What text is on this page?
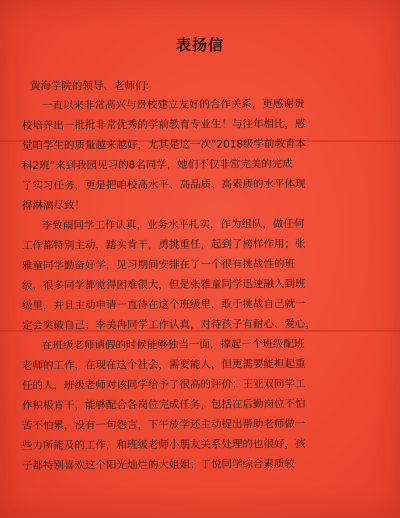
表扬信
黄海学院的领导、老师们:
一直以来非常高兴与贵校建立友好的合作关系，更感谢贵
校培养出一批批非常优秀的学前教育专业生！与往年相比，感
觉咱学生的质量越来越好，尤其是这一次“2018级学前教育本
科2班”来到我园见习的8名同学，她们不仅非常完美的完成
了实习任务，更是把咱校高水平、高品质、高素质的水平体现
得淋漓尽致！
李致雨同学工作认真，业务水平扎实，作为组队，做任何
工作都特别主动，踏实肯干，勇挑重任，起到了榜样作用；张
雅童同学勤奋好学，见习期间安排在了一个很有挑战性的班
级，很多同学都觉得困难很大，但是张雅童同学迅速融入到班
级里，并且主动申请一直待在这个班级里，敢于挑战自己就一
定会突破自己；李美冉同学工作认真，对待孩子有耐心、爱心，
在班级老师请假的时候能够独当一面，撑起一个班级配班
老师的工作，在现在这个社会，需要能人，但更需要能担起重
任的人，班级老师对该同学给予了很高的评价；王亚双同学工
作积极肯干，能够配合各岗位完成任务，包括在后勤岗位不怕
苦不怕累，没有一句怨言，下午放学还主动提出帮助老师做一
些力所能及的工作，和班级老师小朋友关系处理的也很好，孩
子都特别喜欢这个阳光灿烂的大姐姐；丁悦同学综合素质较
